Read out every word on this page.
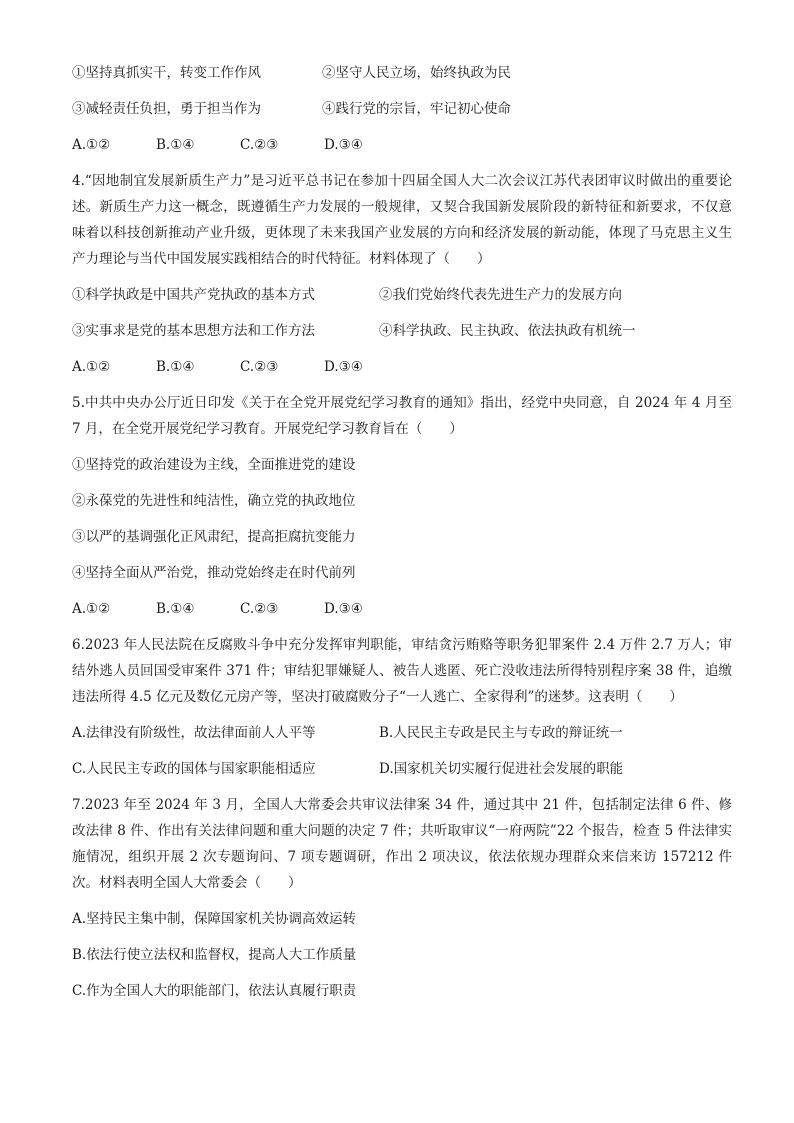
①坚持真抓实干，转变工作作风	②坚守人民立场，始终执政为民
③减轻责任负担，勇于担当作为	④践行党的宗旨，牢记初心使命
A.①②	B.①④	C.②③	D.③④
4.“因地制宜发展新质生产力”是习近平总书记在参加十四届全国人大二次会议江苏代表团审议时做出的重要论述。新质生产力这一概念，既遵循生产力发展的一般规律，又契合我国新发展阶段的新特征和新要求，不仅意味着以科技创新推动产业升级，更体现了未来我国产业发展的方向和经济发展的新动能，体现了马克思主义生产力理论与当代中国发展实践相结合的时代特征。材料体现了（　　）
①科学执政是中国共产党执政的基本方式	②我们党始终代表先进生产力的发展方向
③实事求是党的基本思想方法和工作方法	④科学执政、民主执政、依法执政有机统一
A.①②	B.①④	C.②③	D.③④
5.中共中央办公厅近日印发《关于在全党开展党纪学习教育的通知》指出，经党中央同意，自 2024 年 4 月至 7 月，在全党开展党纪学习教育。开展党纪学习教育旨在（　　）
①坚持党的政治建设为主线，全面推进党的建设
②永葆党的先进性和纯洁性，确立党的执政地位
③以严的基调强化正风肃纪，提高拒腐抗变能力
④坚持全面从严治党，推动党始终走在时代前列
A.①②	B.①④	C.②③	D.③④
6.2023 年人民法院在反腐败斗争中充分发挥审判职能，审结贪污贿赂等职务犯罪案件 2.4 万件 2.7 万人；审结外逃人员回国受审案件 371 件；审结犯罪嫌疑人、被告人逃匿、死亡没收违法所得特别程序案 38 件，追缴违法所得 4.5 亿元及数亿元房产等，坚决打破腐败分子“一人逃亡、全家得利”的迷梦。这表明（　　）
A.法律没有阶级性，故法律面前人人平等	B.人民民主专政是民主与专政的辩证统一
C.人民民主专政的国体与国家职能相适应	D.国家机关切实履行促进社会发展的职能
7.2023 年至 2024 年 3 月，全国人大常委会共审议法律案 34 件，通过其中 21 件，包括制定法律 6 件、修改法律 8 件、作出有关法律问题和重大问题的决定 7 件；共听取审议“一府两院”22 个报告，检查 5 件法律实施情况，组织开展 2 次专题询问、7 项专题调研，作出 2 项决议，依法依规办理群众来信来访 157212 件次。材料表明全国人大常委会（　　）
A.坚持民主集中制，保障国家机关协调高效运转
B.依法行使立法权和监督权，提高人大工作质量
C.作为全国人大的职能部门，依法认真履行职责
